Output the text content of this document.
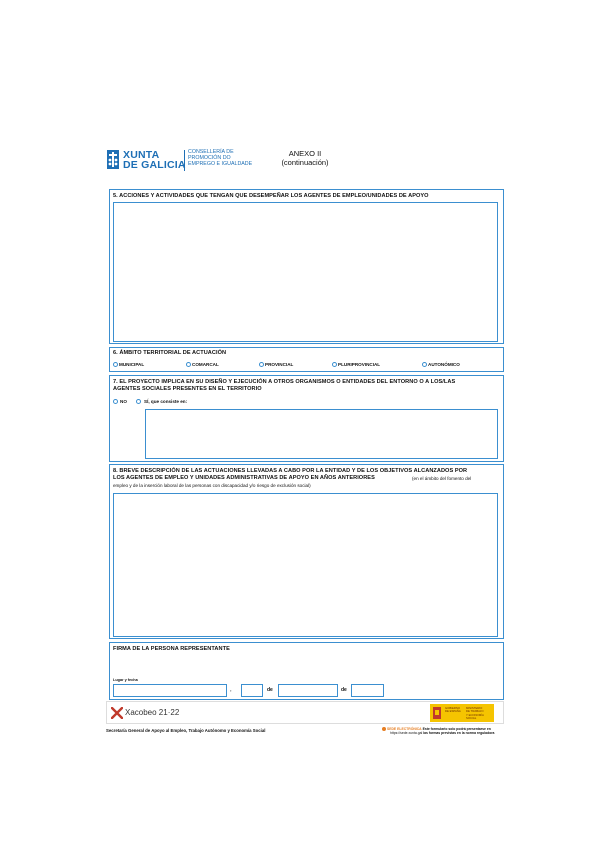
XUNTA
DE GALICIA
CONSELLERÍA DE
PROMOCIÓN DO
EMPREGO E IGUALDADE
ANEXO II
(continuación)
5. ACCIONES Y ACTIVIDADES QUE TENGAN QUE DESEMPEÑAR LOS AGENTES DE EMPLEO/UNIDADES DE APOYO
6. ÁMBITO TERRITORIAL DE ACTUACIÓN
MUNICIPAL	COMARCAL	PROVINCIAL	PLURIPROVINCIAL	AUTONÓMICO
7. EL PROYECTO IMPLICA EN SU DISEÑO Y EJECUCIÓN A OTROS ORGANISMOS O ENTIDADES DEL ENTORNO O A LOS/LAS
AGENTES SOCIALES PRESENTES EN EL TERRITORIO
NO	SÍ, que consiste en:
8. BREVE DESCRIPCIÓN DE LAS ACTUACIONES LLEVADAS A CABO POR LA ENTIDAD Y DE LOS OBJETIVOS ALCANZADOS POR
LOS AGENTES DE EMPLEO Y UNIDADES ADMINISTRATIVAS DE APOYO EN AÑOS ANTERIORES	(en el ámbito del fomento del
empleo y de la inserción laboral de las personas con discapacidad y/o riesgo de exclusión social)
FIRMA DE LA PERSONA REPRESENTANTE
Lugar y fecha
,	de	de
Xacobeo 21·22	GOBIERNO
DE ESPAÑA
MINISTERIO
DE TRABAJO
Y ECONOMÍA SOCIAL
Secretaría General de Apoyo al Empleo, Trabajo Autónomo y Economía Social	SEDE ELECTRÓNICA Este formulario solo podrá presentarse en
https://sede.xunta.gal las formas previstas en la norma reguladora
